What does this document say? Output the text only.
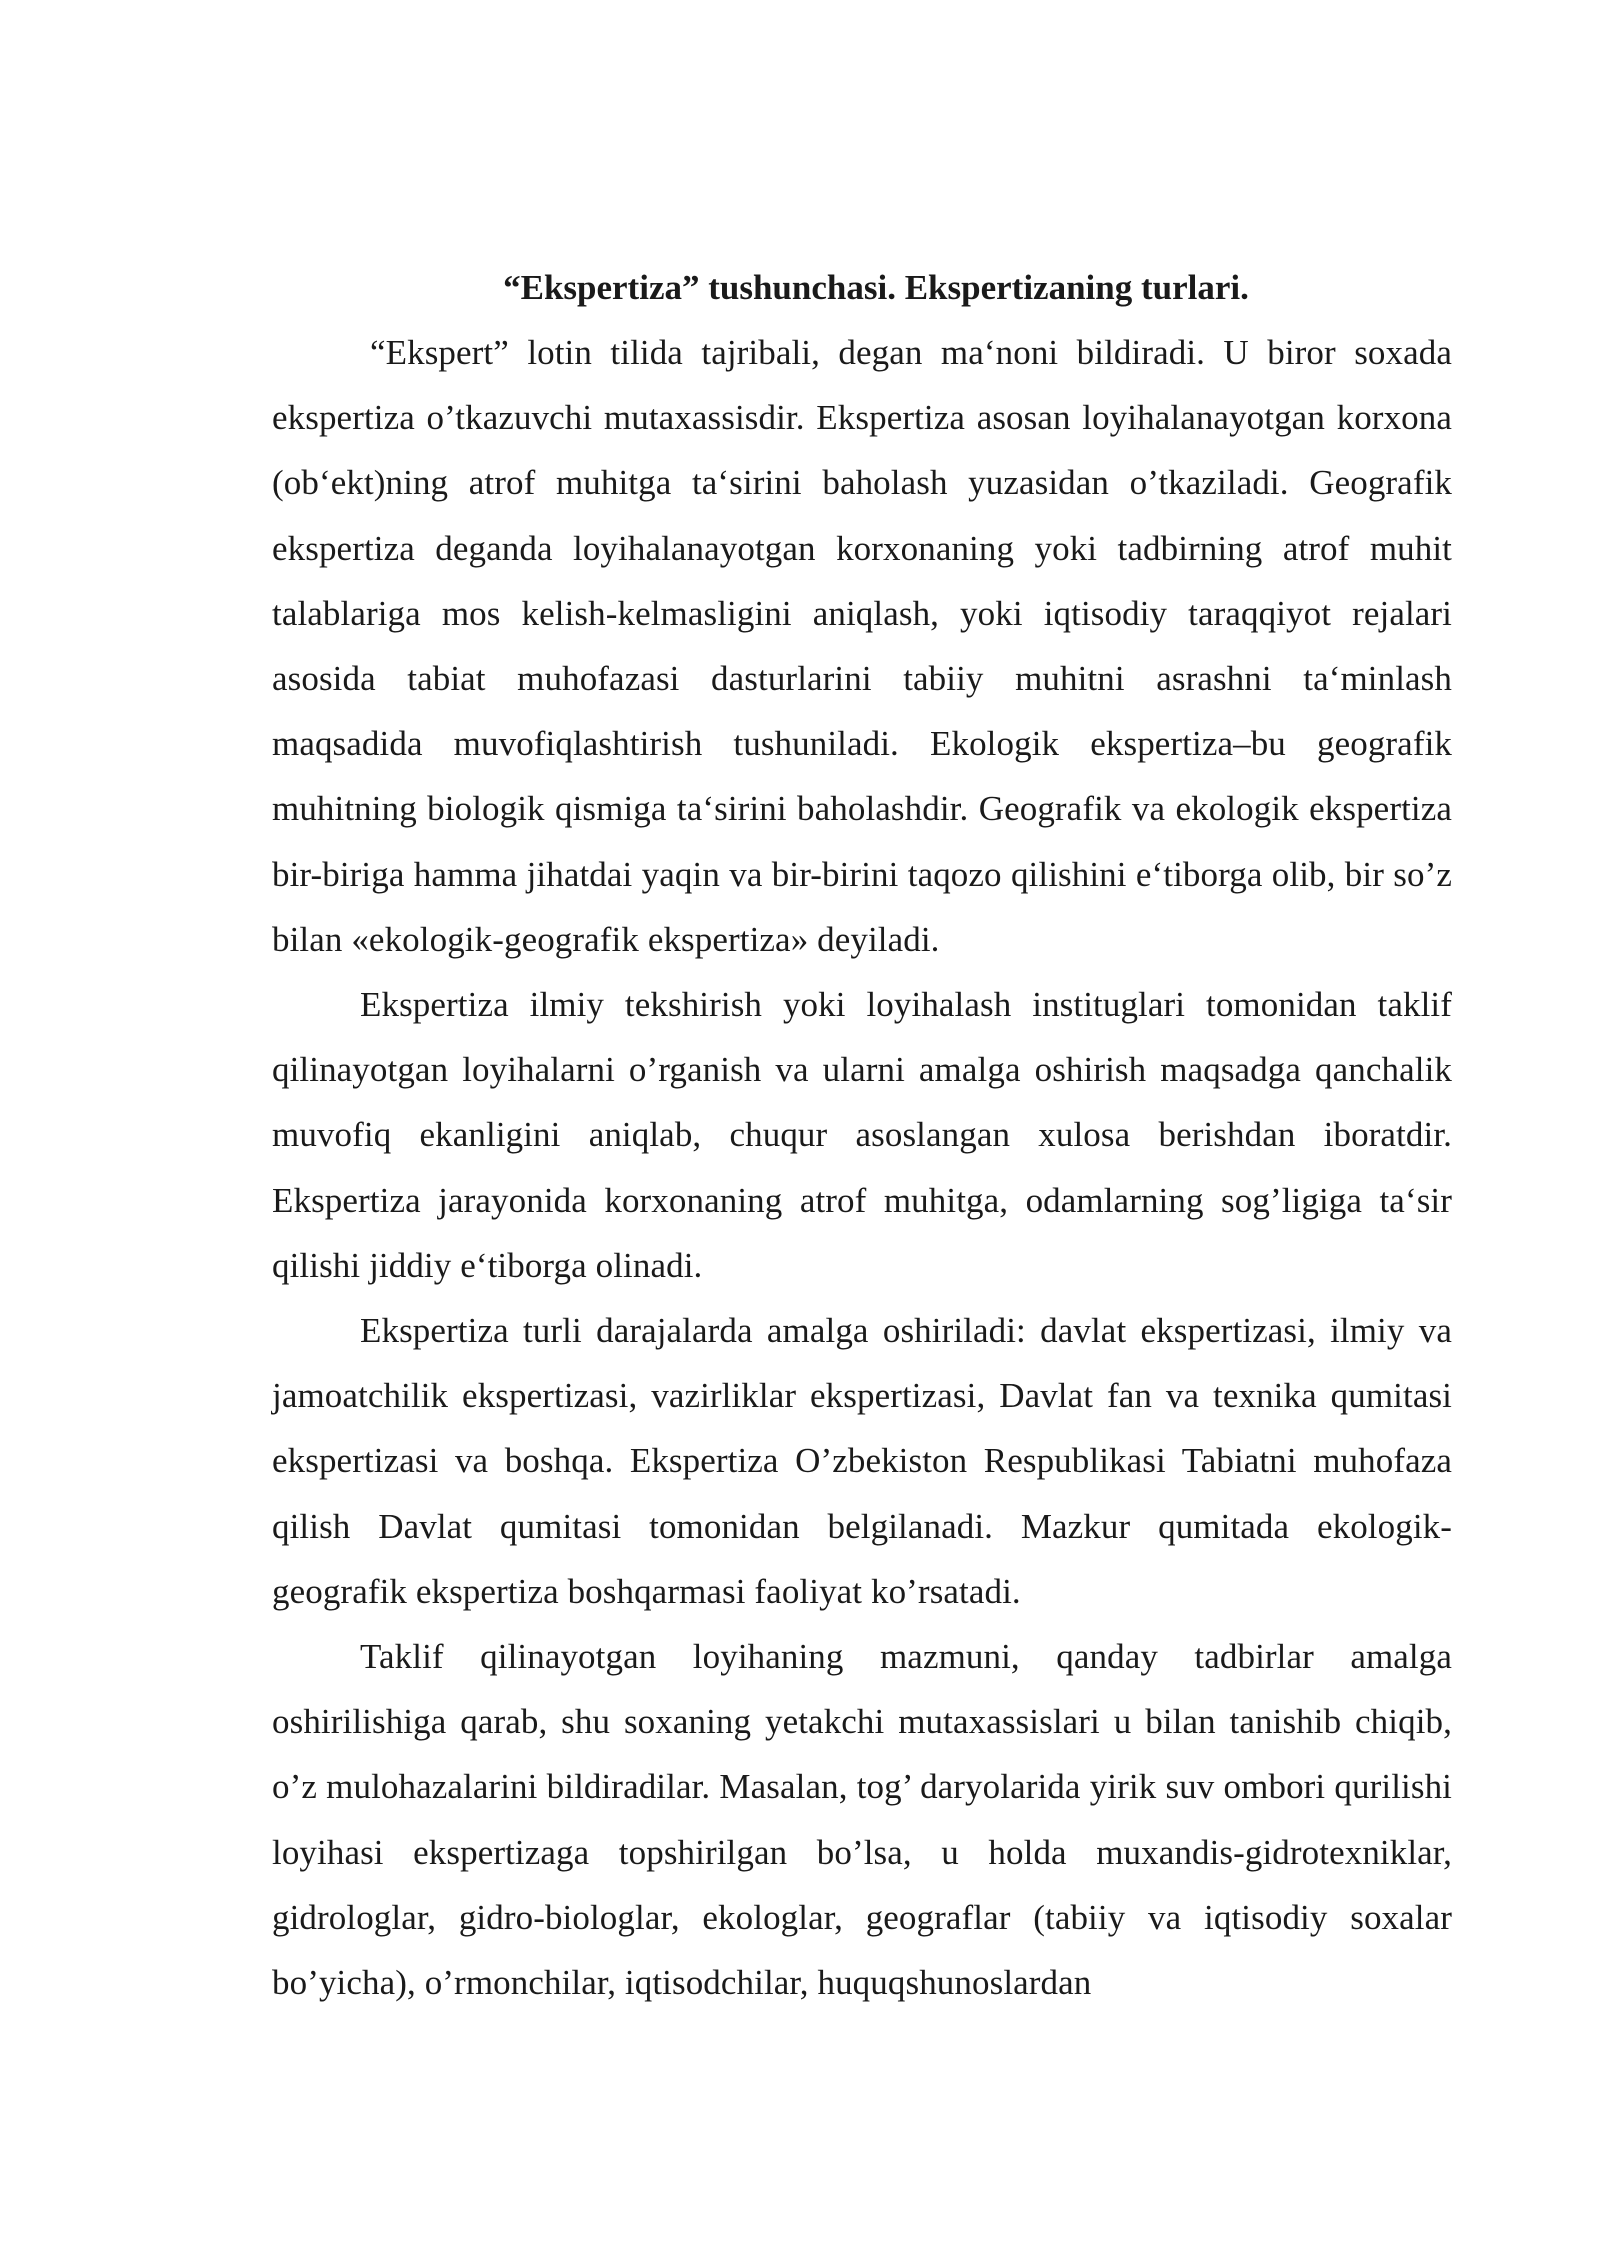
“Ekspertiza” tushunchasi. Ekspertizaning turlari.

“Ekspert” lotin tilida tajribali, degan ma‘noni bildiradi. U biror soxada ekspertiza o’tkazuvchi mutaxassisdir. Ekspertiza asosan loyihalanayotgan korxona (ob‘ekt)ning atrof muhitga ta‘sirini baholash yuzasidan o’tkaziladi. Geografik ekspertiza deganda loyihalanayotgan korxonaning yoki tadbirning atrof muhit talablariga mos kelish-kelmasligini aniqlash, yoki iqtisodiy taraqqiyot rejalari asosida tabiat muhofazasi dasturlarini tabiiy muhitni asrashni ta‘minlash maqsadida muvofiqlashtirish tushuniladi. Ekologik ekspertiza–bu geografik muhitning biologik qismiga ta‘sirini baholashdir. Geografik va ekologik ekspertiza bir-biriga hamma jihatdai yaqin va bir-birini taqozo qilishini e‘tiborga olib, bir so’z bilan «ekologik-geografik ekspertiza» deyiladi.

Ekspertiza ilmiy tekshirish yoki loyihalash instituglari tomonidan taklif qilinayotgan loyihalarni o’rganish va ularni amalga oshirish maqsadga qanchalik muvofiq ekanligini aniqlab, chuqur asoslangan xulosa berishdan iboratdir. Ekspertiza jarayonida korxonaning atrof muhitga, odamlarning sog’ligiga ta‘sir qilishi jiddiy e‘tiborga olinadi.

Ekspertiza turli darajalarda amalga oshiriladi: davlat ekspertizasi, ilmiy va jamoatchilik ekspertizasi, vazirliklar ekspertizasi, Davlat fan va texnika qumitasi ekspertizasi va boshqa. Ekspertiza O’zbekiston Respublikasi Tabiatni muhofaza qilish Davlat qumitasi tomonidan belgilanadi. Mazkur qumitada ekologik-geografik ekspertiza boshqarmasi faoliyat ko’rsatadi.

Taklif qilinayotgan loyihaning mazmuni, qanday tadbirlar amalga oshirilishiga qarab, shu soxaning yetakchi mutaxassislari u bilan tanishib chiqib, o’z mulohazalarini bildiradilar. Masalan, tog’ daryolarida yirik suv ombori qurilishi loyihasi ekspertizaga topshirilgan bo’lsa, u holda muxandis-gidrotexniklar, gidrologlar, gidro-biologlar, ekologlar, geograflar (tabiiy va iqtisodiy soxalar bo’yicha), o’rmonchilar, iqtisodchilar, huquqshunoslardan
